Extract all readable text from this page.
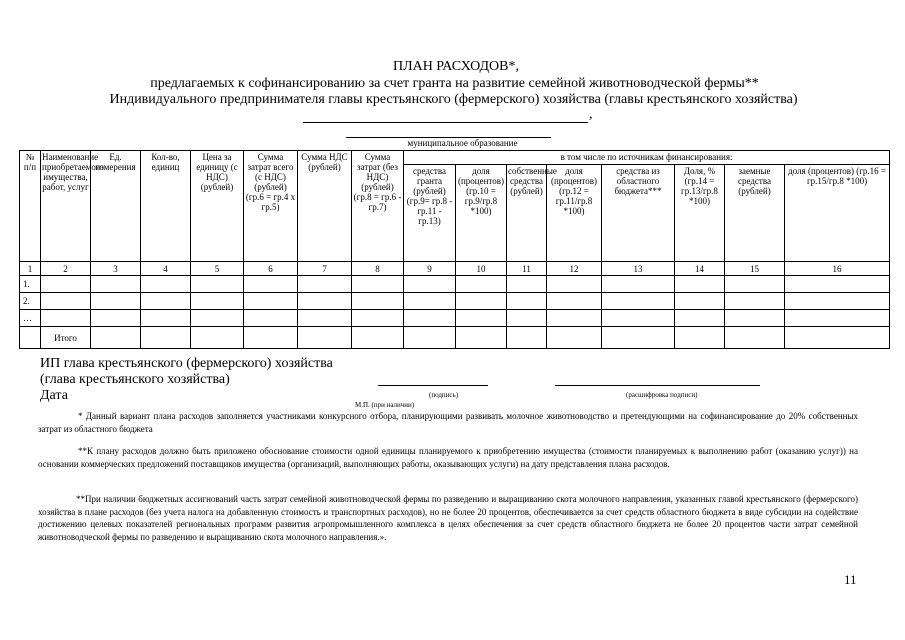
ПЛАН РАСХОДОВ*,
предлагаемых к софинансированию за счет гранта на развитие семейной животноводческой фермы**
Индивидуального предпринимателя главы крестьянского (фермерского) хозяйства (главы крестьянского хозяйства)
,
муниципальное образование
№ п/п	Наименование приобретаемого имущества, работ, услуг	Ед. измерения	Кол-во, единиц	Цена за единицу (с НДС) (рублей)	Сумма затрат всего (с НДС) (рублей) (гр.6 = гр.4 х гр.5)	Сумма НДС (рублей)	Сумма затрат (без НДС) (рублей) (гр.8 = гр.6 - гр.7)	в том числе по источникам финансирования:							
								средства гранта (рублей) (гр.9= гр.8 - гр.11 - гр.13)	доля (процентов) (гр.10 = гр.9/гр.8 *100)	собственные средства (рублей)	доля (процентов) (гр.12 = гр.11/гр.8 *100)	средства из областного бюджета***	Доля, % (гр.14 = гр.13/гр.8 *100)	заемные средства (рублей)	доля (процентов) (гр.16 = гр.15/гр.8 *100)
1	2	3	4	5	6	7	8	9	10	11	12	13	14	15	16
1.															
2.															
…															
	Итого														
ИП глава крестьянского (фермерского) хозяйства
(глава крестьянского хозяйства)
Дата	(подпись)	(расшифровка подписи)
М.П. (при наличии)
* Данный вариант плана расходов заполняется участниками конкурсного отбора, планирующими развивать молочное животноводство и претендующими на софинансирование до 20% собственных затрат из областного бюджета
**К плану расходов должно быть приложено обоснование стоимости одной единицы планируемого к приобретению имущества (стоимости планируемых к выполнению работ (оказанию услуг)) на основании коммерческих предложений поставщиков имущества (организаций, выполняющих работы, оказывающих услуги) на дату представления плана расходов.
**При наличии бюджетных ассигнований часть затрат семейной животноводческой фермы по разведению и выращиванию скота молочного направления, указанных главой крестьянского (фермерского) хозяйства в плане расходов (без учета налога на добавленную стоимость и транспортных расходов), но не более 20 процентов, обеспечивается за счет средств областного бюджета в виде субсидии на содействие достижению целевых показателей региональных программ развития агропромышленного комплекса в целях обеспечения за счет средств областного бюджета не более 20 процентов части затрат семейной животноводческой фермы по разведению и выращиванию скота молочного направления.».
11
